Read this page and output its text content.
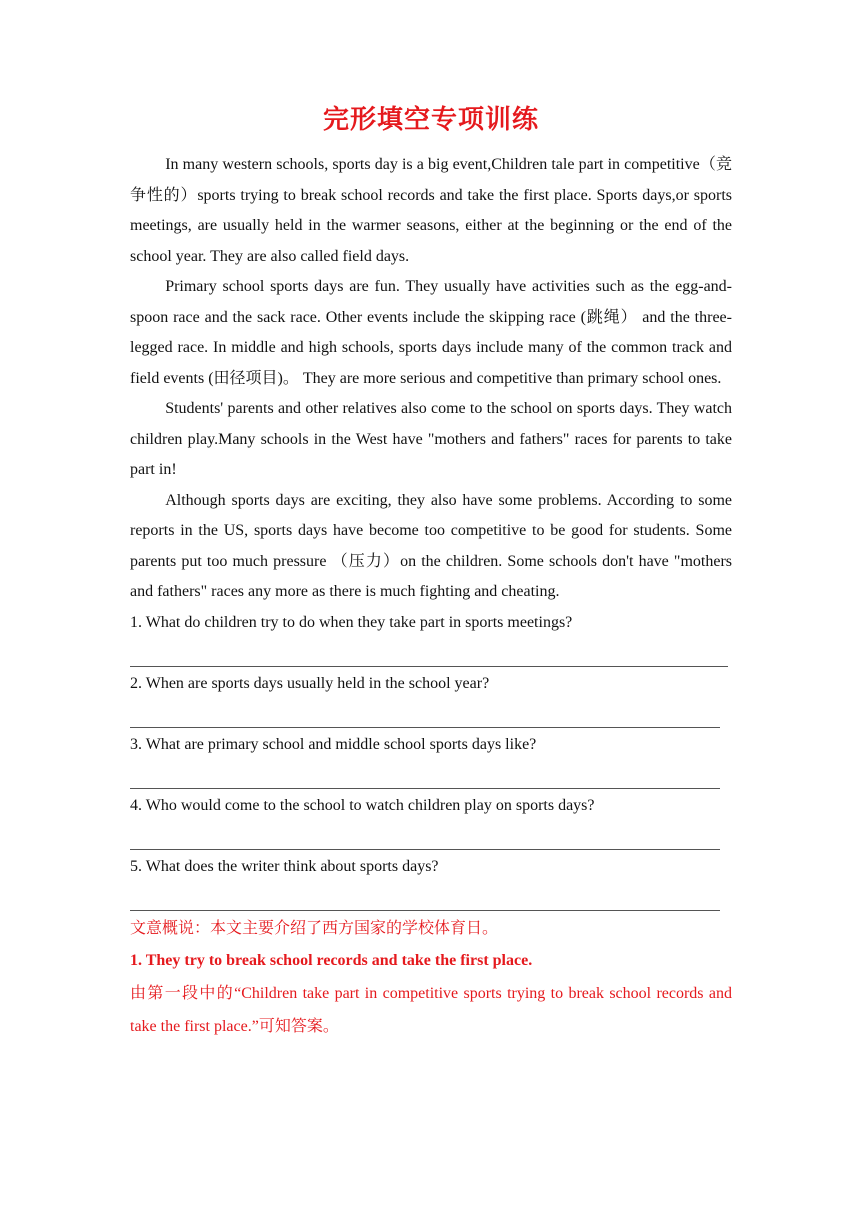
完形填空专项训练

In many western schools, sports day is a big event,Children tale part in competitive（竞争性的）sports trying to break school records and take the first place. Sports days,or sports meetings, are usually held in the warmer seasons, either at the beginning or the end of the school year. They are also called field days.

Primary school sports days are fun. They usually have activities such as the egg-and-spoon race and the sack race. Other events include the skipping race (跳绳） and the three- legged race. In middle and high schools, sports days include many of the common track and field events (田径项目)。 They are more serious and competitive than primary school ones.

Students' parents and other relatives also come to the school on sports days. They watch children play.Many schools in the West have "mothers and fathers" races for parents to take part in!

Although sports days are exciting, they also have some problems. According to some reports in the US, sports days have become too competitive to be good for students. Some parents put too much pressure （压力）on the children. Some schools don't have "mothers and fathers" races any more as there is much fighting and cheating.

1. What do children try to do when they take part in sports meetings?

2. When are sports days usually held in the school year?

3. What are primary school and middle school sports days like?

4. Who would come to the school to watch children play on sports days?

5. What does the writer think about sports days?

文意概说：本文主要介绍了西方国家的学校体育日。

1. They try to break school records and take the first place.

由第一段中的“Children take part in competitive sports trying to break school records and take the first place.”可知答案。
